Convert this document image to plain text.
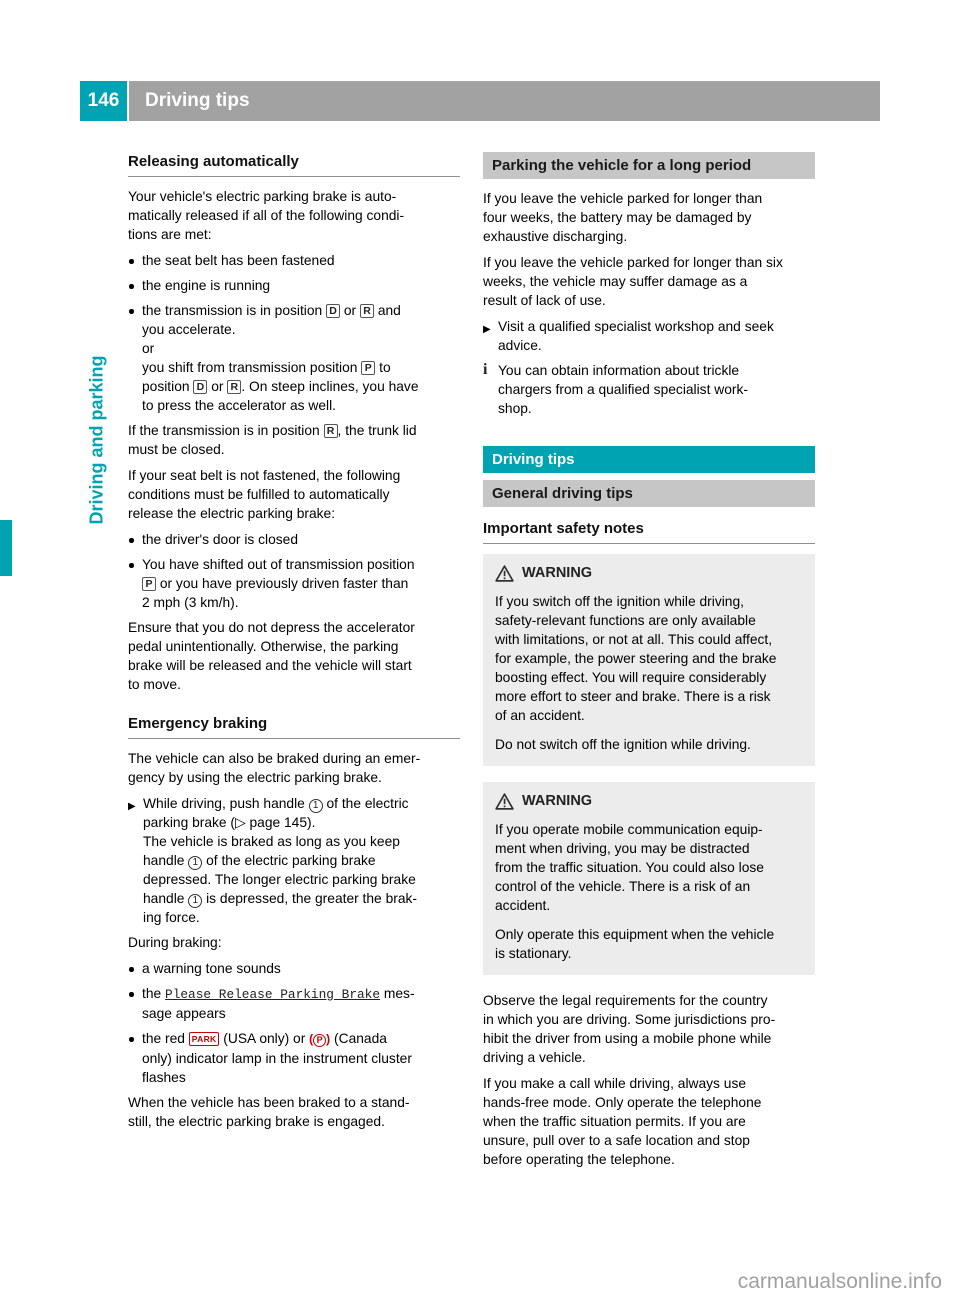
146	Driving tips
Driving and parking
Releasing automatically
Your vehicle's electric parking brake is auto-
matically released if all of the following condi-
tions are met:
the seat belt has been fastened
the engine is running
the transmission is in position D or R and
you accelerate.
or
you shift from transmission position P to
position D or R . On steep inclines, you have
to press the accelerator as well.
If the transmission is in position R , the trunk lid
must be closed.
If your seat belt is not fastened, the following
conditions must be fulfilled to automatically
release the electric parking brake:
the driver's door is closed
You have shifted out of transmission position
P or you have previously driven faster than
2 mph (3 km/h).
Ensure that you do not depress the accelerator
pedal unintentionally. Otherwise, the parking
brake will be released and the vehicle will start
to move.
Emergency braking
The vehicle can also be braked during an emer-
gency by using the electric parking brake.
▶ While driving, push handle 1 of the electric
parking brake (▷ page 145).
The vehicle is braked as long as you keep
handle 1 of the electric parking brake
depressed. The longer electric parking brake
handle 1 is depressed, the greater the brak-
ing force.
During braking:
a warning tone sounds
the Please Release Parking Brake mes-
sage appears
the red PARK (USA only) or ( P ) (Canada
only) indicator lamp in the instrument cluster
flashes
When the vehicle has been braked to a stand-
still, the electric parking brake is engaged.
Parking the vehicle for a long period
If you leave the vehicle parked for longer than
four weeks, the battery may be damaged by
exhaustive discharging.
If you leave the vehicle parked for longer than six
weeks, the vehicle may suffer damage as a
result of lack of use.
▶ Visit a qualified specialist workshop and seek
advice.
i You can obtain information about trickle
chargers from a qualified specialist work-
shop.
Driving tips
General driving tips
Important safety notes
WARNING
If you switch off the ignition while driving,
safety-relevant functions are only available
with limitations, or not at all. This could affect,
for example, the power steering and the brake
boosting effect. You will require considerably
more effort to steer and brake. There is a risk
of an accident.
Do not switch off the ignition while driving.
WARNING
If you operate mobile communication equip-
ment when driving, you may be distracted
from the traffic situation. You could also lose
control of the vehicle. There is a risk of an
accident.
Only operate this equipment when the vehicle
is stationary.
Observe the legal requirements for the country
in which you are driving. Some jurisdictions pro-
hibit the driver from using a mobile phone while
driving a vehicle.
If you make a call while driving, always use
hands-free mode. Only operate the telephone
when the traffic situation permits. If you are
unsure, pull over to a safe location and stop
before operating the telephone.
carmanualsonline.info
